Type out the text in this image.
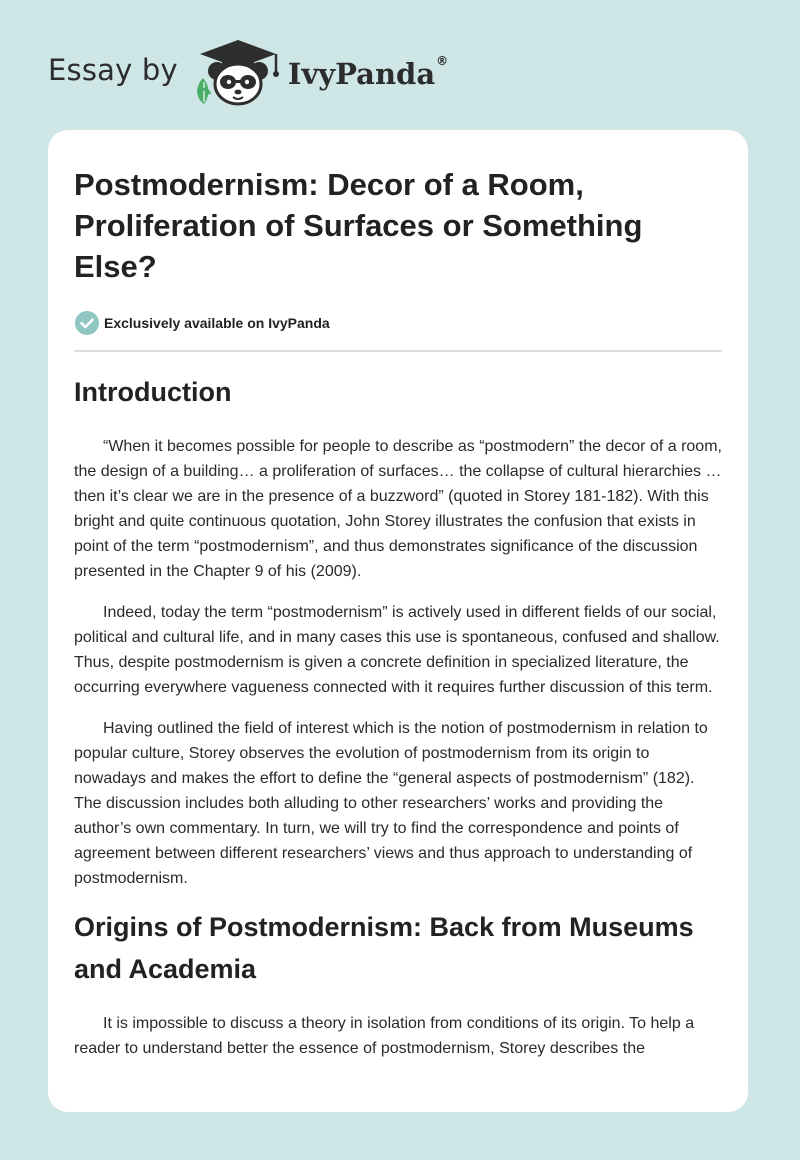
Essay by	IvyPanda ®
Postmodernism: Decor of a Room, Proliferation of Surfaces or Something Else?
Exclusively available on IvyPanda
Introduction

“When it becomes possible for people to describe as “postmodern” the decor of a room, the design of a building… a proliferation of surfaces… the collapse of cultural hierarchies … then it’s clear we are in the presence of a buzzword” (quoted in Storey 181-182). With this bright and quite continuous quotation, John Storey illustrates the confusion that exists in point of the term “postmodernism”, and thus demonstrates significance of the discussion presented in the Chapter 9 of his (2009).

Indeed, today the term “postmodernism” is actively used in different fields of our social, political and cultural life, and in many cases this use is spontaneous, confused and shallow. Thus, despite postmodernism is given a concrete definition in specialized literature, the occurring everywhere vagueness connected with it requires further discussion of this term.

Having outlined the field of interest which is the notion of postmodernism in relation to popular culture, Storey observes the evolution of postmodernism from its origin to nowadays and makes the effort to define the “general aspects of postmodernism” (182). The discussion includes both alluding to other researchers’ works and providing the author’s own commentary. In turn, we will try to find the correspondence and points of agreement between different researchers’ views and thus approach to understanding of postmodernism.

Origins of Postmodernism: Back from Museums and Academia

It is impossible to discuss a theory in isolation from conditions of its origin. To help a reader to understand better the essence of postmodernism, Storey describes the
